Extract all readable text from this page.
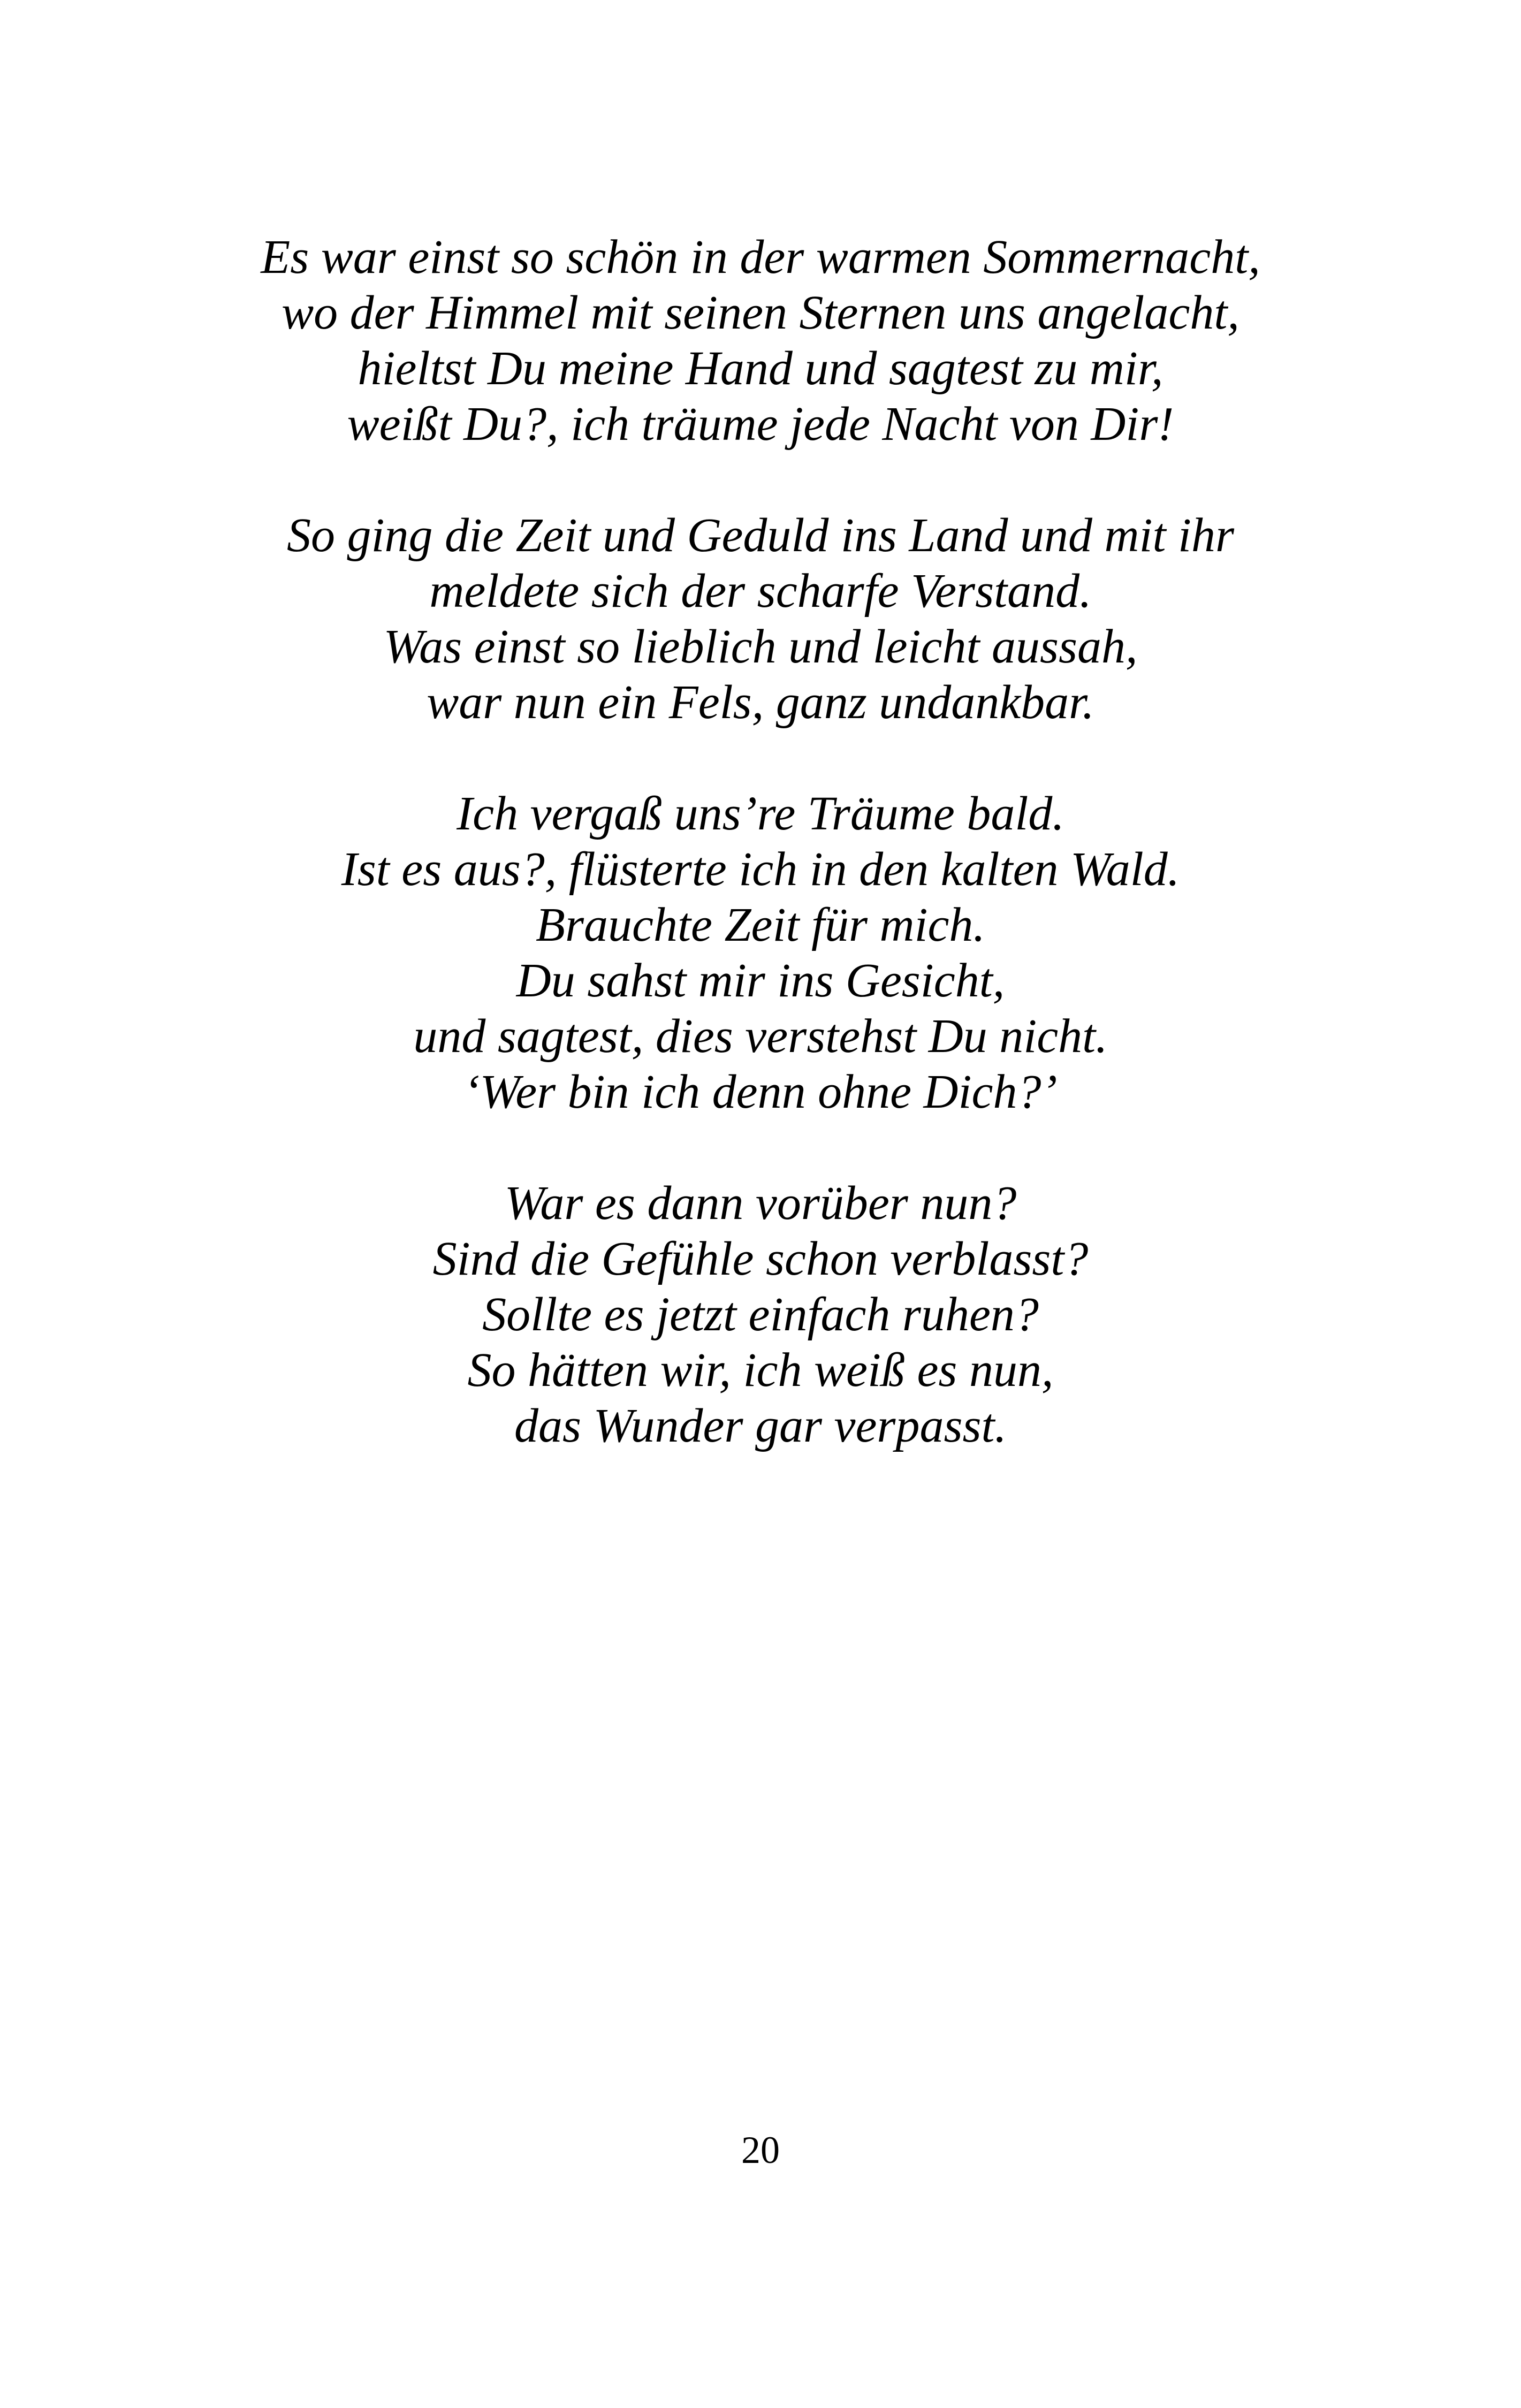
Es war einst so schön in der warmen Sommernacht,
wo der Himmel mit seinen Sternen uns angelacht,
hieltst Du meine Hand und sagtest zu mir,
weißt Du?, ich träume jede Nacht von Dir!
So ging die Zeit und Geduld ins Land und mit ihr
meldete sich der scharfe Verstand.
Was einst so lieblich und leicht aussah,
war nun ein Fels, ganz undankbar.
Ich vergaß uns’re Träume bald.
Ist es aus?, flüsterte ich in den kalten Wald.
Brauchte Zeit für mich.
Du sahst mir ins Gesicht,
und sagtest, dies verstehst Du nicht.
‘Wer bin ich denn ohne Dich?’
War es dann vorüber nun?
Sind die Gefühle schon verblasst?
Sollte es jetzt einfach ruhen?
So hätten wir, ich weiß es nun,
das Wunder gar verpasst.
20
